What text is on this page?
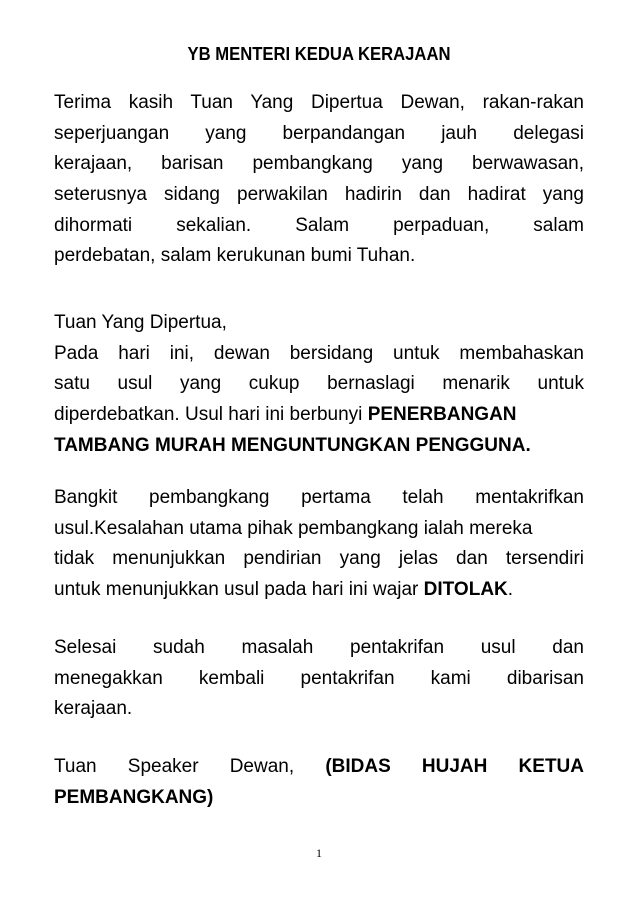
YB MENTERI KEDUA KERAJAAN
Terima kasih Tuan Yang Dipertua Dewan, rakan-rakan
seperjuangan yang berpandangan jauh delegasi
kerajaan, barisan pembangkang yang berwawasan,
seterusnya sidang perwakilan hadirin dan hadirat yang
dihormati sekalian. Salam perpaduan, salam
perdebatan, salam kerukunan bumi Tuhan.
Tuan Yang Dipertua,
Pada hari ini, dewan bersidang untuk membahaskan
satu usul yang cukup bernaslagi menarik untuk
diperdebatkan. Usul hari ini berbunyi PENERBANGAN
TAMBANG MURAH MENGUNTUNGKAN PENGGUNA.
Bangkit pembangkang pertama telah mentakrifkan
usul.Kesalahan utama pihak pembangkang ialah mereka
tidak menunjukkan pendirian yang jelas dan tersendiri
untuk menunjukkan usul pada hari ini wajar DITOLAK.
Selesai sudah masalah pentakrifan usul dan
menegakkan kembali pentakrifan kami dibarisan
kerajaan.
Tuan Speaker Dewan, (BIDAS HUJAH KETUA
PEMBANGKANG)
1
